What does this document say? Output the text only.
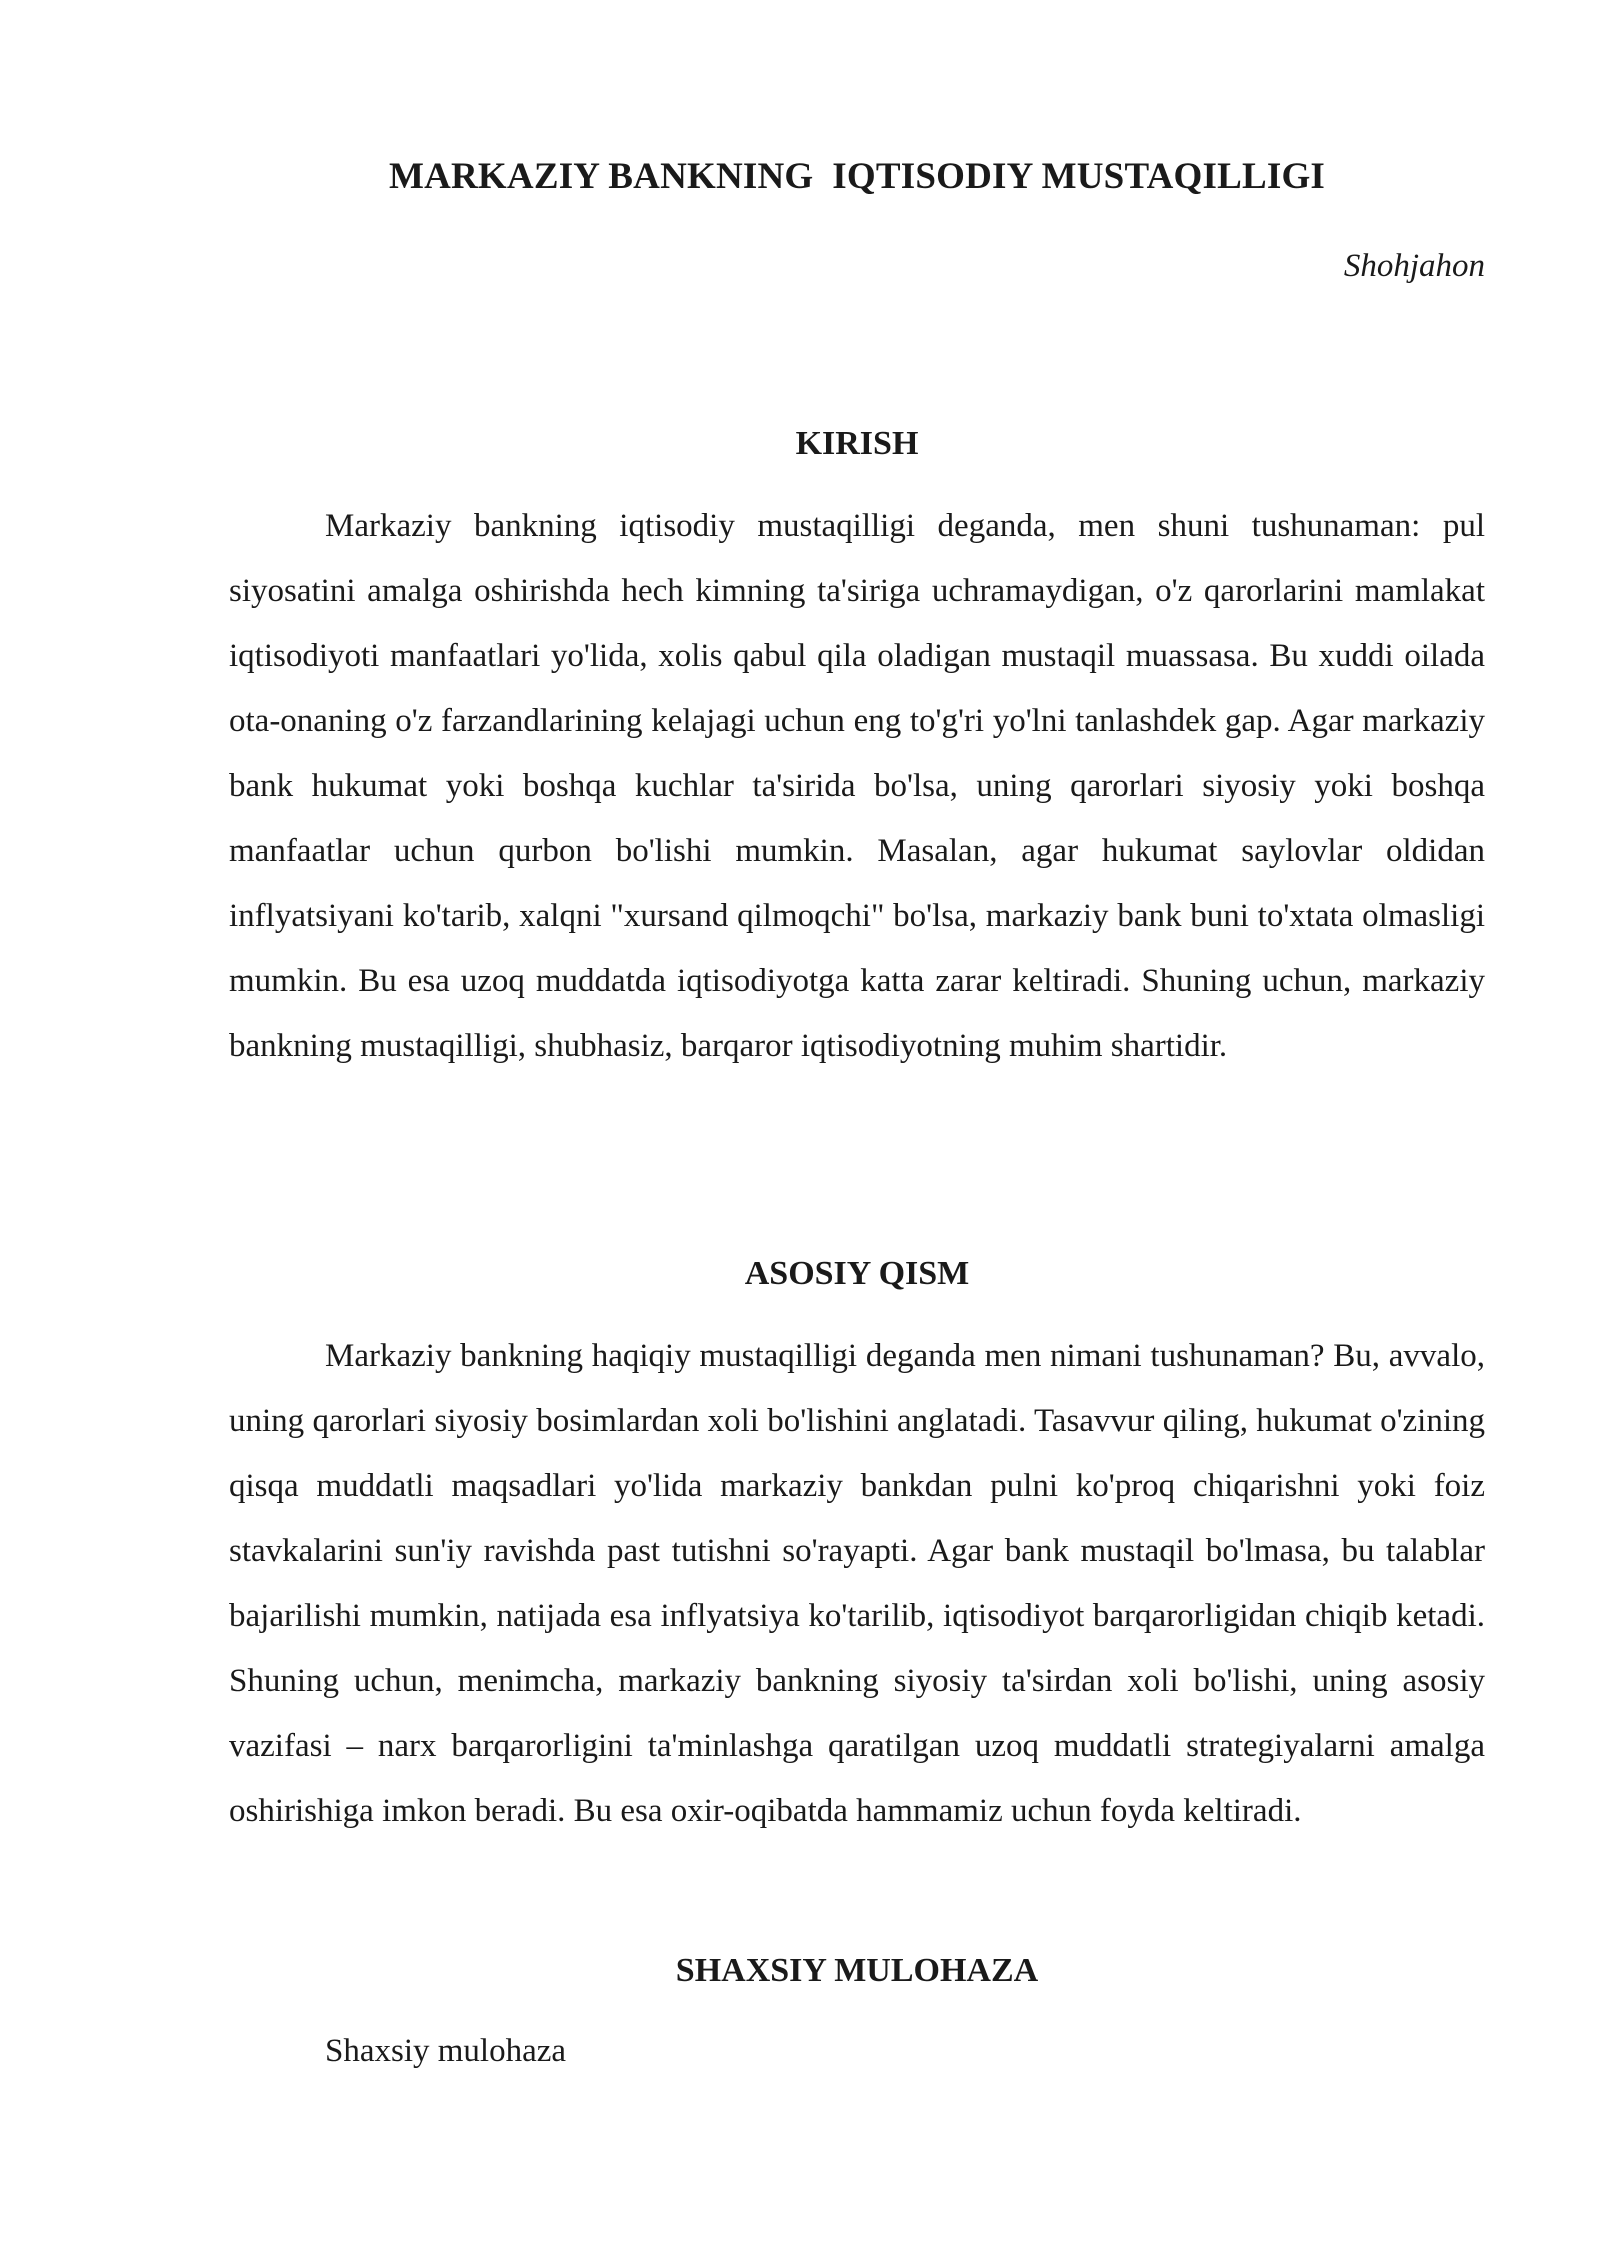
MARKAZIY BANKNING  IQTISODIY MUSTAQILLIGI

Shohjahon

KIRISH

Markaziy bankning iqtisodiy mustaqilligi deganda, men shuni tushunaman: pul siyosatini amalga oshirishda hech kimning ta'siriga uchramaydigan, o'z qarorlarini mamlakat iqtisodiyoti manfaatlari yo'lida, xolis qabul qila oladigan mustaqil muassasa. Bu xuddi oilada ota-onaning o'z farzandlarining kelajagi uchun eng to'g'ri yo'lni tanlashdek gap. Agar markaziy bank hukumat yoki boshqa kuchlar ta'sirida bo'lsa, uning qarorlari siyosiy yoki boshqa manfaatlar uchun qurbon bo'lishi mumkin. Masalan, agar hukumat saylovlar oldidan inflyatsiyani ko'tarib, xalqni "xursand qilmoqchi" bo'lsa, markaziy bank buni to'xtata olmasligi mumkin. Bu esa uzoq muddatda iqtisodiyotga katta zarar keltiradi. Shuning uchun, markaziy bankning mustaqilligi, shubhasiz, barqaror iqtisodiyotning muhim shartidir.

ASOSIY QISM

Markaziy bankning haqiqiy mustaqilligi deganda men nimani tushunaman? Bu, avvalo, uning qarorlari siyosiy bosimlardan xoli bo'lishini anglatadi. Tasavvur qiling, hukumat o'zining qisqa muddatli maqsadlari yo'lida markaziy bankdan pulni ko'proq chiqarishni yoki foiz stavkalarini sun'iy ravishda past tutishni so'rayapti. Agar bank mustaqil bo'lmasa, bu talablar bajarilishi mumkin, natijada esa inflyatsiya ko'tarilib, iqtisodiyot barqarorligidan chiqib ketadi. Shuning uchun, menimcha, markaziy bankning siyosiy ta'sirdan xoli bo'lishi, uning asosiy vazifasi – narx barqarorligini ta'minlashga qaratilgan uzoq muddatli strategiyalarni amalga oshirishiga imkon beradi. Bu esa oxir-oqibatda hammamiz uchun foyda keltiradi.

SHAXSIY MULOHAZA

Shaxsiy mulohaza
